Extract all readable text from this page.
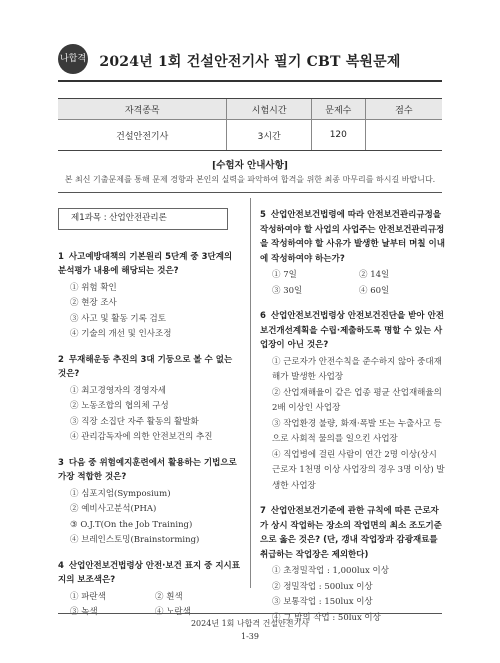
나합격 2024년 1회 건설안전기사 필기 CBT 복원문제
자격종목	시험시간	문제수	점수
건설안전기사	3시간	120	
[수험자 안내사항]
본 최신 기출문제를 통해 문제 경향과 본인의 실력을 파악하여 합격을 위한 최종 마무리를 하시길 바랍니다.
제1과목 : 산업안전관리론
1 사고예방대책의 기본원리 5단계 중 3단계의 분석평가 내용에 해당되는 것은?
① 위험 확인
② 현장 조사
③ 사고 및 활동 기록 검토
④ 기술의 개선 및 인사조정
2 무재해운동 추진의 3대 기둥으로 볼 수 없는 것은?
① 최고경영자의 경영자세
② 노동조합의 협의체 구성
③ 직장 소집단 자주 활동의 활발화
④ 관리감독자에 의한 안전보건의 추진
3 다음 중 위험예지훈련에서 활용하는 기법으로 가장 적합한 것은?
① 심포지엄(Symposium)
② 예비사고분석(PHA)
③ O.J.T(On the Job Training)
④ 브레인스토밍(Brainstorming)
4 산업안전보건법령상 안전·보건 표지 중 지시표지의 보조색은?
① 파란색	② 흰색
③ 녹색	④ 노란색
5 산업안전보건법령에 따라 안전보건관리규정을 작성하여야 할 사업의 사업주는 안전보건관리규정을 작성하여야 할 사유가 발생한 날부터 며칠 이내에 작성하여야 하는가?
① 7일	② 14일
③ 30일	④ 60일
6 산업안전보건법령상 안전보건진단을 받아 안전보건개선계획을 수립·제출하도록 명할 수 있는 사업장이 아닌 것은?
① 근로자가 안전수칙을 준수하지 않아 중대재해가 발생한 사업장
② 산업재해율이 같은 업종 평균 산업재해율의 2배 이상인 사업장
③ 작업환경 불량, 화재·폭발 또는 누출사고 등으로 사회적 물의를 일으킨 사업장
④ 직업병에 걸린 사람이 연간 2명 이상(상시 근로자 1천명 이상 사업장의 경우 3명 이상) 발생한 사업장
7 산업안전보건기준에 관한 규칙에 따른 근로자가 상시 작업하는 장소의 작업면의 최소 조도기준으로 옳은 것은? (단, 갱내 작업장과 감광재료를 취급하는 작업장은 제외한다)
① 초정밀작업 : 1,000lux 이상
② 정밀작업 : 500lux 이상
③ 보통작업 : 150lux 이상
④ 그 밖의 작업 : 50lux 이상
2024년 1회 나합격 건설안전기사
1-39
